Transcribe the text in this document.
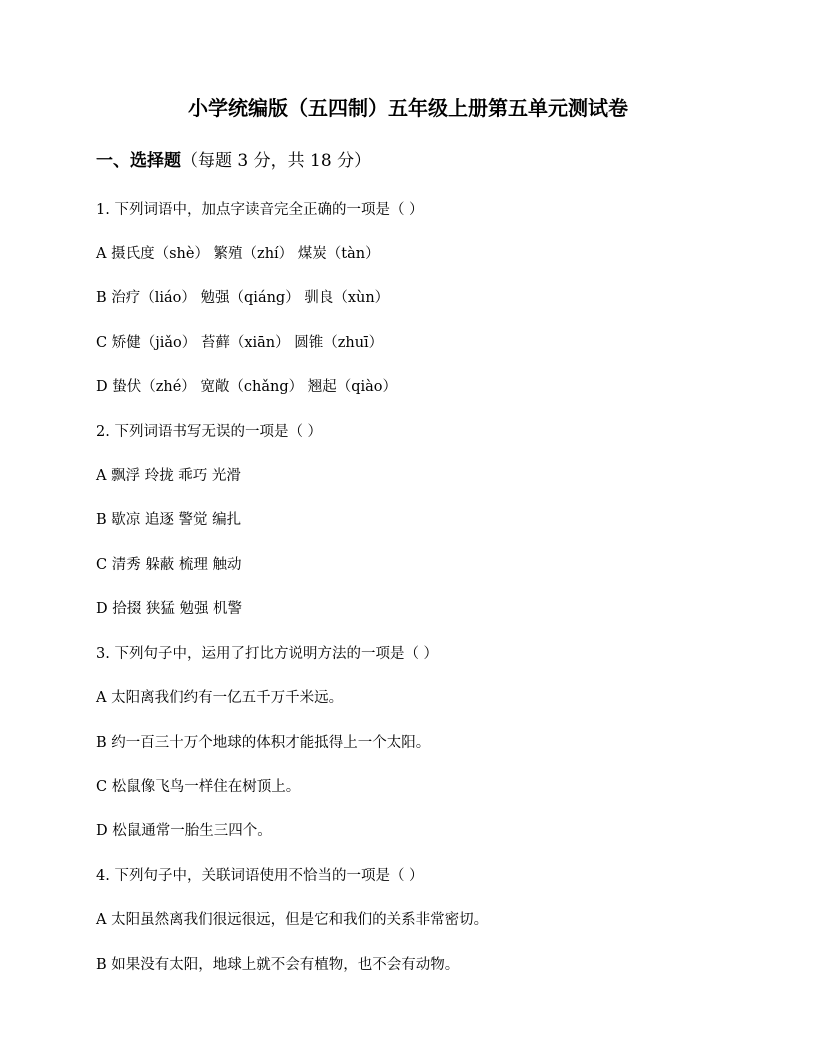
小学统编版（五四制）五年级上册第五单元测试卷
一、选择题（每题 3 分，共 18 分）
1. 下列词语中，加点字读音完全正确的一项是（ ）
A 摄氏度（shè） 繁殖（zhí） 煤炭（tàn）
B 治疗（liáo） 勉强（qiáng） 驯良（xùn）
C 矫健（jiǎo） 苔藓（xiān） 圆锥（zhuī）
D 蛰伏（zhé） 宽敞（chǎng） 翘起（qiào）
2. 下列词语书写无误的一项是（ ）
A 飘浮 玲拢 乖巧 光滑
B 歇凉 追逐 警觉 编扎
C 清秀 躲蔽 梳理 触动
D 拾掇 狭猛 勉强 机警
3. 下列句子中，运用了打比方说明方法的一项是（ ）
A 太阳离我们约有一亿五千万千米远。
B 约一百三十万个地球的体积才能抵得上一个太阳。
C 松鼠像飞鸟一样住在树顶上。
D 松鼠通常一胎生三四个。
4. 下列句子中，关联词语使用不恰当的一项是（ ）
A 太阳虽然离我们很远很远，但是它和我们的关系非常密切。
B 如果没有太阳，地球上就不会有植物，也不会有动物。
